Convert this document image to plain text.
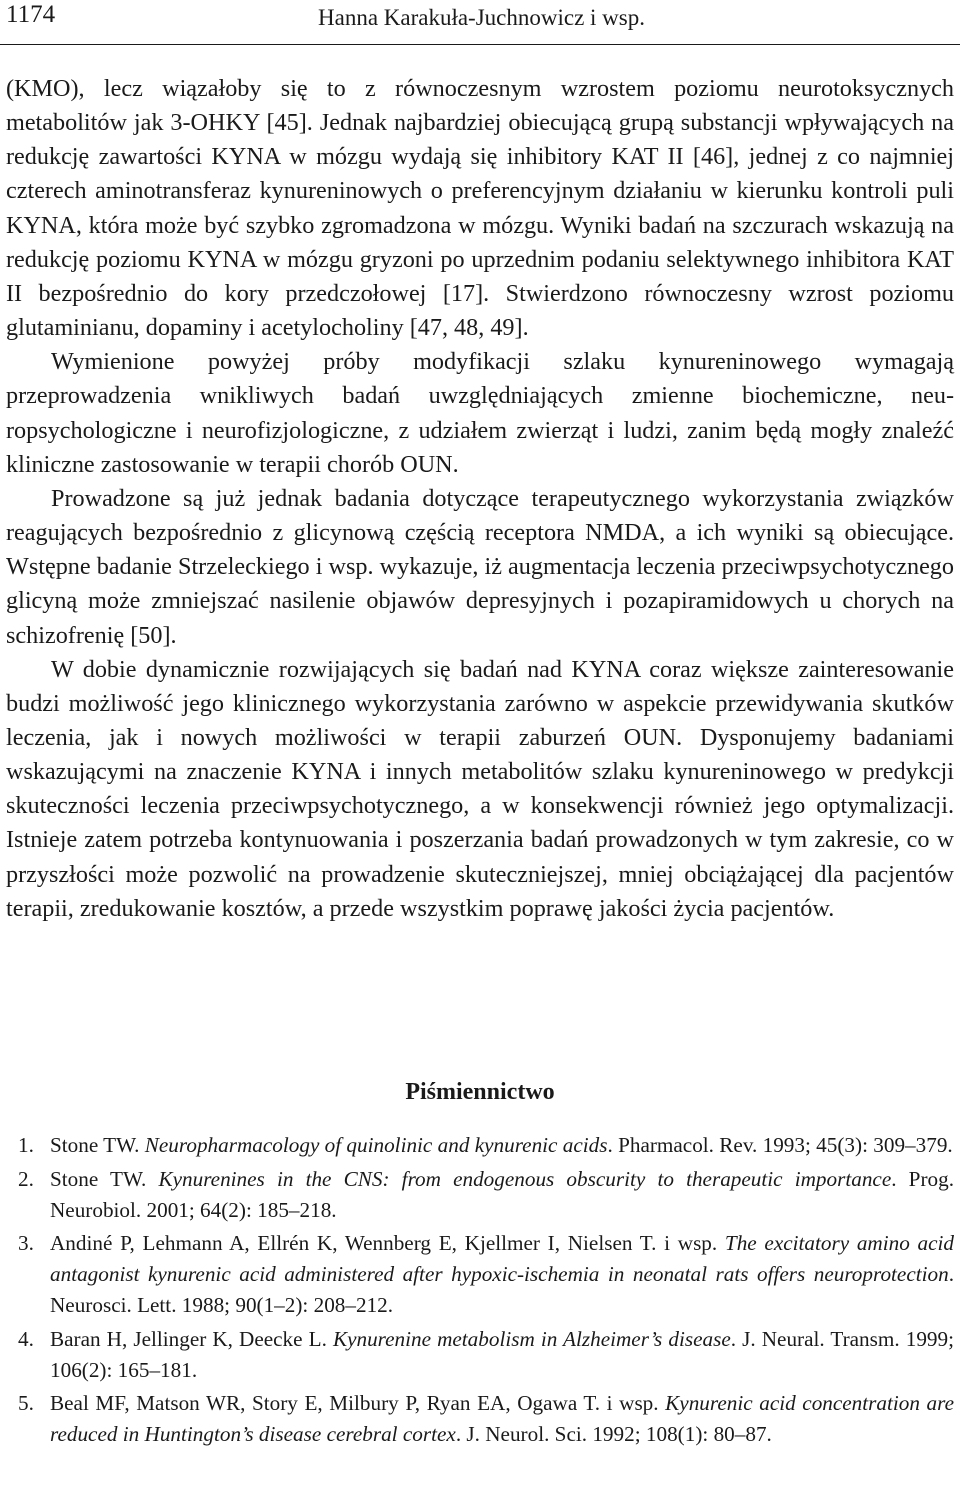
1174	Hanna Karakuła-Juchnowicz i wsp.

(KMO), lecz wiązałoby się to z równoczesnym wzrostem poziomu neurotoksycznych metabolitów jak 3-OHKY [45]. Jednak najbardziej obiecującą grupą substancji wpływających na redukcję zawartości KYNA w mózgu wydają się inhibitory KAT II [46], jednej z co najmniej czterech aminotransferaz kynureninowych o preferencyjnym działaniu w kierunku kontroli puli KYNA, która może być szybko zgromadzona w mózgu. Wyniki badań na szczurach wskazują na redukcję poziomu KYNA w mózgu gryzoni po uprzednim podaniu selektywnego inhibitora KAT II bezpośrednio do kory przedczołowej [17]. Stwierdzono równoczesny wzrost poziomu glutaminianu, dopaminy i acetylocholiny [47, 48, 49].

Wymienione powyżej próby modyfikacji szlaku kynureninowego wymagają przeprowadzenia wnikliwych badań uwzględniających zmienne biochemiczne, neuropsychologiczne i neurofizjologiczne, z udziałem zwierząt i ludzi, zanim będą mogły znaleźć kliniczne zastosowanie w terapii chorób OUN.

Prowadzone są już jednak badania dotyczące terapeutycznego wykorzystania związków reagujących bezpośrednio z glicynową częścią receptora NMDA, a ich wyniki są obiecujące. Wstępne badanie Strzeleckiego i wsp. wykazuje, iż augmentacja leczenia przeciwpsychotycznego glicyną może zmniejszać nasilenie objawów depresyjnych i pozapiramidowych u chorych na schizofrenię [50].

W dobie dynamicznie rozwijających się badań nad KYNA coraz większe zainteresowanie budzi możliwość jego klinicznego wykorzystania zarówno w aspekcie przewidywania skutków leczenia, jak i nowych możliwości w terapii zaburzeń OUN. Dysponujemy badaniami wskazującymi na znaczenie KYNA i innych metabolitów szlaku kynureninowego w predykcji skuteczności leczenia przeciwpsychotycznego, a w konsekwencji również jego optymalizacji. Istnieje zatem potrzeba kontynuowania i poszerzania badań prowadzonych w tym zakresie, co w przyszłości może pozwolić na prowadzenie skuteczniejszej, mniej obciążającej dla pacjentów terapii, zredukowanie kosztów, a przede wszystkim poprawę jakości życia pacjentów.

Piśmiennictwo
1. Stone TW. Neuropharmacology of quinolinic and kynurenic acids. Pharmacol. Rev. 1993; 45(3): 309–379.
2. Stone TW. Kynurenines in the CNS: from endogenous obscurity to therapeutic importance. Prog. Neurobiol. 2001; 64(2): 185–218.
3. Andiné P, Lehmann A, Ellrén K, Wennberg E, Kjellmer I, Nielsen T. i wsp. The excitatory amino acid antagonist kynurenic acid administered after hypoxic-ischemia in neonatal rats offers neuroprotection. Neurosci. Lett. 1988; 90(1–2): 208–212.
4. Baran H, Jellinger K, Deecke L. Kynurenine metabolism in Alzheimer’s disease. J. Neural. Transm. 1999; 106(2): 165–181.
5. Beal MF, Matson WR, Story E, Milbury P, Ryan EA, Ogawa T. i wsp. Kynurenic acid concentration are reduced in Huntington’s disease cerebral cortex. J. Neurol. Sci. 1992; 108(1): 80–87.
